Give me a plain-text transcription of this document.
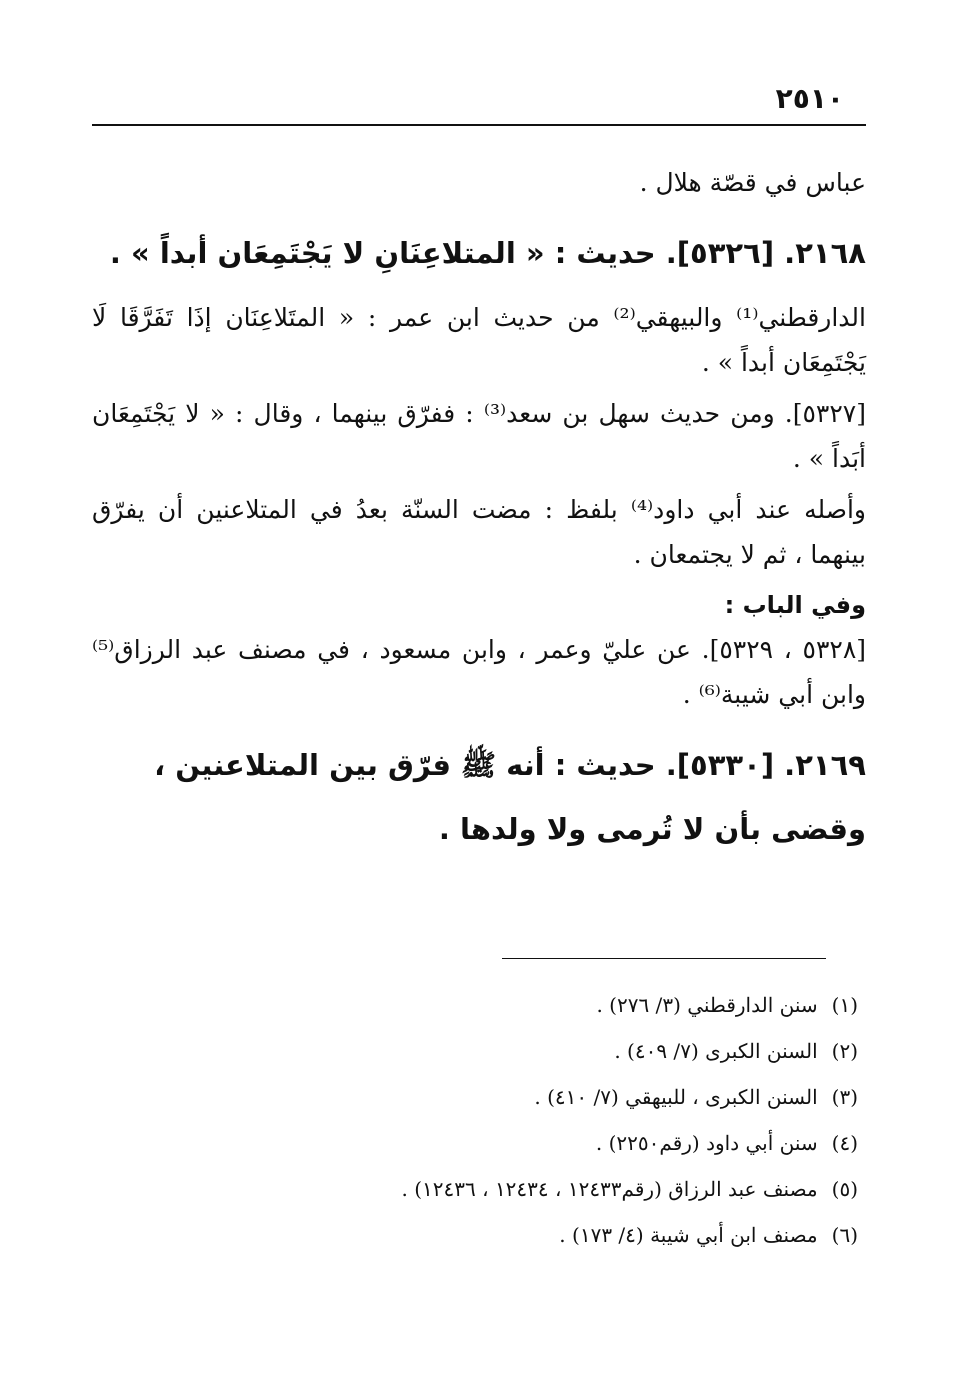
٢٥١٠

عباس في قصّة هلال .

٢١٦٨. [٥٣٢٦]. حديث : « المتلاعِنَانِ لا يَجْتَمِعَان أبداً » .

الدارقطني⁽¹⁾ والبيهقي⁽²⁾ من حديث ابن عمر : « المتَلاعِنَان إذَا تَفَرَّقَا لَا يَجْتَمِعَان أبداً » .

[٥٣٢٧]. ومن حديث سهل بن سعد⁽³⁾ : ففرّق بينهما ، وقال : « لا يَجْتَمِعَان أبَداً » .

وأصله عند أبي داود⁽⁴⁾ بلفظ : مضت السنّة بعدُ في المتلاعنين أن يفرّق بينهما ، ثم لا يجتمعان .

وفي الباب :

[٥٣٢٨ ، ٥٣٢٩]. عن عليّ وعمر ، وابن مسعود ، في مصنف عبد الرزاق⁽⁵⁾ وابن أبي شيبة⁽⁶⁾ .

٢١٦٩. [٥٣٣٠]. حديث : أنه ﷺ فرّق بين المتلاعنين ، وقضى بأن لا تُرمى ولا ولدها .

(١) سنن الدارقطني (٣/ ٢٧٦) .
(٢) السنن الكبرى (٧/ ٤٠٩) .
(٣) السنن الكبرى ، للبيهقي (٧/ ٤١٠) .
(٤) سنن أبي داود (رقم٢٢٥٠) .
(٥) مصنف عبد الرزاق (رقم١٢٤٣٣ ، ١٢٤٣٤ ، ١٢٤٣٦) .
(٦) مصنف ابن أبي شيبة (٤/ ١٧٣) .
